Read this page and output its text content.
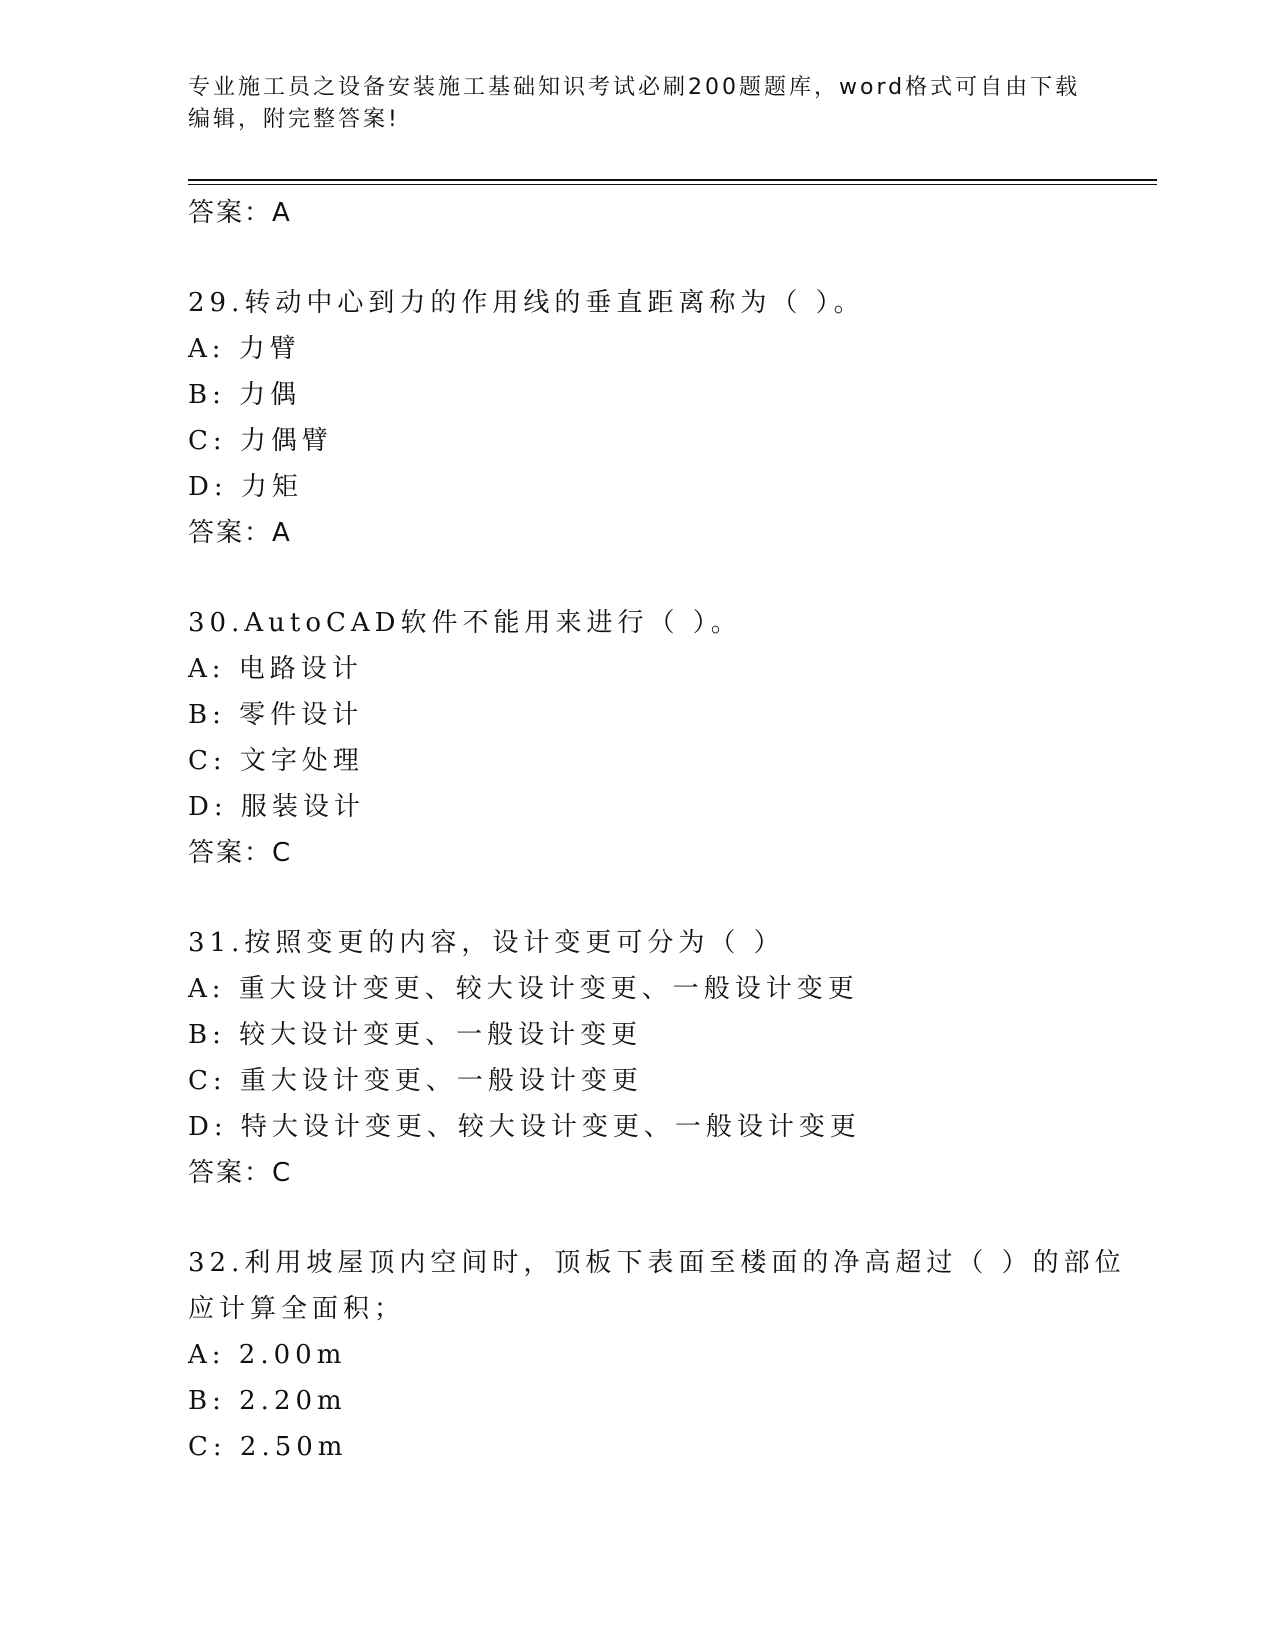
专业施工员之设备安装施工基础知识考试必刷200题题库，word格式可自由下载
编辑，附完整答案!
答案：A
29.转动中心到力的作用线的垂直距离称为（ ）。
A: 力臂
B: 力偶
C: 力偶臂
D: 力矩
答案：A
30.AutoCAD软件不能用来进行（ ）。
A: 电路设计
B: 零件设计
C: 文字处理
D: 服装设计
答案：C
31.按照变更的内容，设计变更可分为（ ）
A: 重大设计变更、较大设计变更、一般设计变更
B: 较大设计变更、一般设计变更
C: 重大设计变更、一般设计变更
D: 特大设计变更、较大设计变更、一般设计变更
答案：C
32.利用坡屋顶内空间时，顶板下表面至楼面的净高超过（ ）的部位
应计算全面积；
A: 2.00m
B: 2.20m
C: 2.50m
